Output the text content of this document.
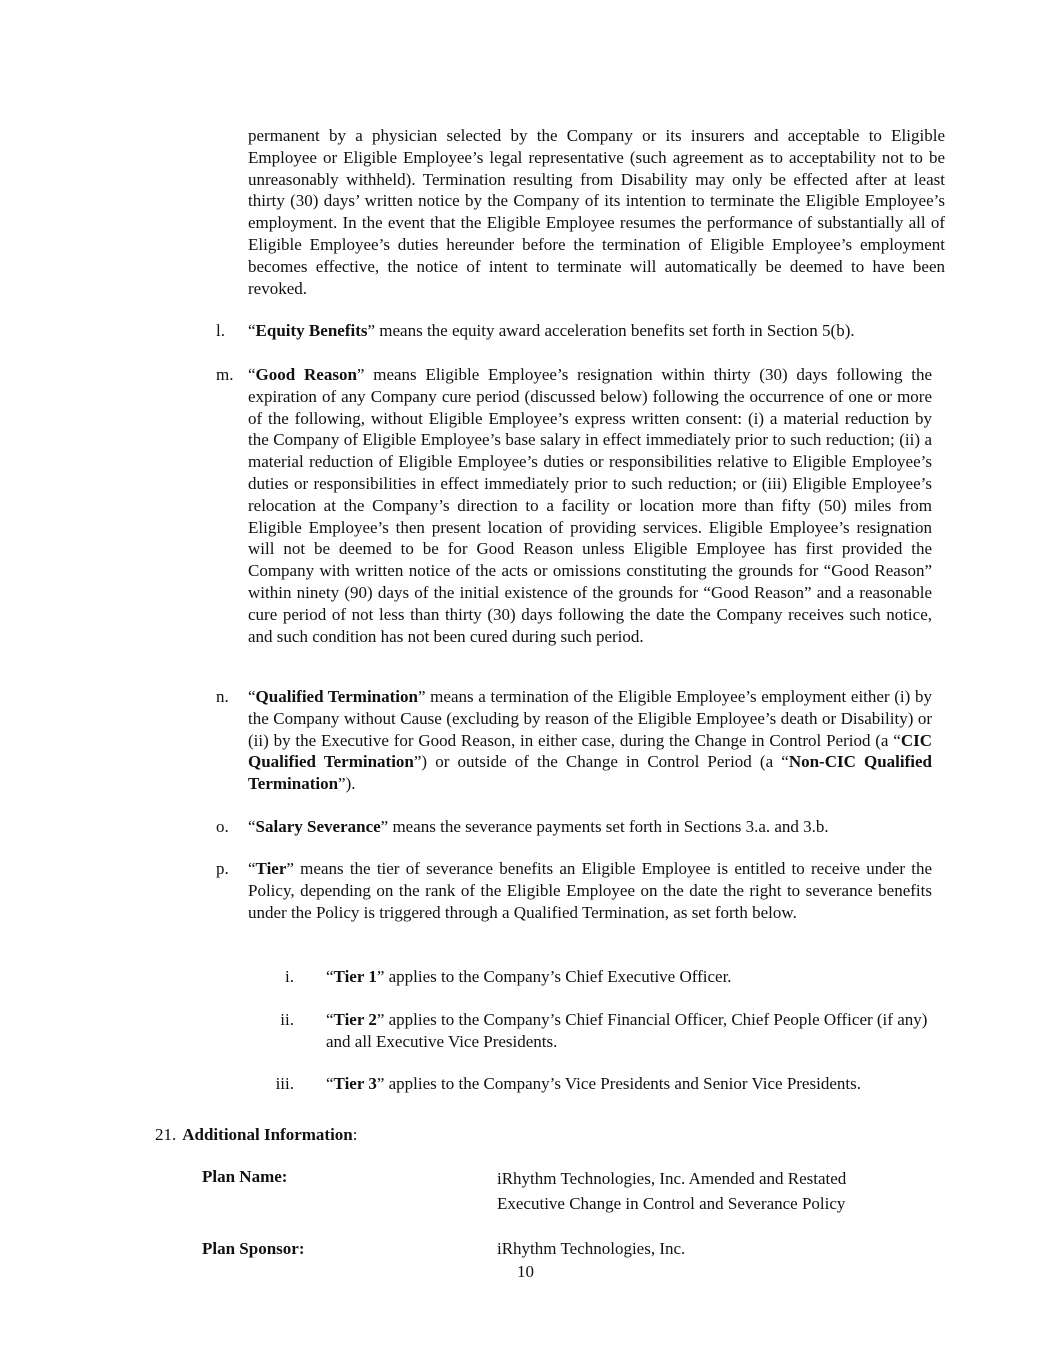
permanent by a physician selected by the Company or its insurers and acceptable to Eligible Employee or Eligible Employee’s legal representative (such agreement as to acceptability not to be unreasonably withheld). Termination resulting from Disability may only be effected after at least thirty (30) days’ written notice by the Company of its intention to terminate the Eligible Employee’s employment. In the event that the Eligible Employee resumes the performance of substantially all of Eligible Employee’s duties hereunder before the termination of Eligible Employee’s employment becomes effective, the notice of intent to terminate will automatically be deemed to have been revoked.
l. “Equity Benefits” means the equity award acceleration benefits set forth in Section 5(b).
m. “Good Reason” means Eligible Employee’s resignation within thirty (30) days following the expiration of any Company cure period (discussed below) following the occurrence of one or more of the following, without Eligible Employee’s express written consent: (i) a material reduction by the Company of Eligible Employee’s base salary in effect immediately prior to such reduction; (ii) a material reduction of Eligible Employee’s duties or responsibilities relative to Eligible Employee’s duties or responsibilities in effect immediately prior to such reduction; or (iii) Eligible Employee’s relocation at the Company’s direction to a facility or location more than fifty (50) miles from Eligible Employee’s then present location of providing services. Eligible Employee’s resignation will not be deemed to be for Good Reason unless Eligible Employee has first provided the Company with written notice of the acts or omissions constituting the grounds for “Good Reason” within ninety (90) days of the initial existence of the grounds for “Good Reason” and a reasonable cure period of not less than thirty (30) days following the date the Company receives such notice, and such condition has not been cured during such period.
n. “Qualified Termination” means a termination of the Eligible Employee’s employment either (i) by the Company without Cause (excluding by reason of the Eligible Employee’s death or Disability) or (ii) by the Executive for Good Reason, in either case, during the Change in Control Period (a “CIC Qualified Termination”) or outside of the Change in Control Period (a “Non-CIC Qualified Termination”).
o. “Salary Severance” means the severance payments set forth in Sections 3.a. and 3.b.
p. “Tier” means the tier of severance benefits an Eligible Employee is entitled to receive under the Policy, depending on the rank of the Eligible Employee on the date the right to severance benefits under the Policy is triggered through a Qualified Termination, as set forth below.
i. “Tier 1” applies to the Company’s Chief Executive Officer.
ii. “Tier 2” applies to the Company’s Chief Financial Officer, Chief People Officer (if any) and all Executive Vice Presidents.
iii. “Tier 3” applies to the Company’s Vice Presidents and Senior Vice Presidents.
21. Additional Information:
Plan Name:	iRhythm Technologies, Inc. Amended and Restated
Executive Change in Control and Severance Policy
Plan Sponsor:	iRhythm Technologies, Inc.
10
